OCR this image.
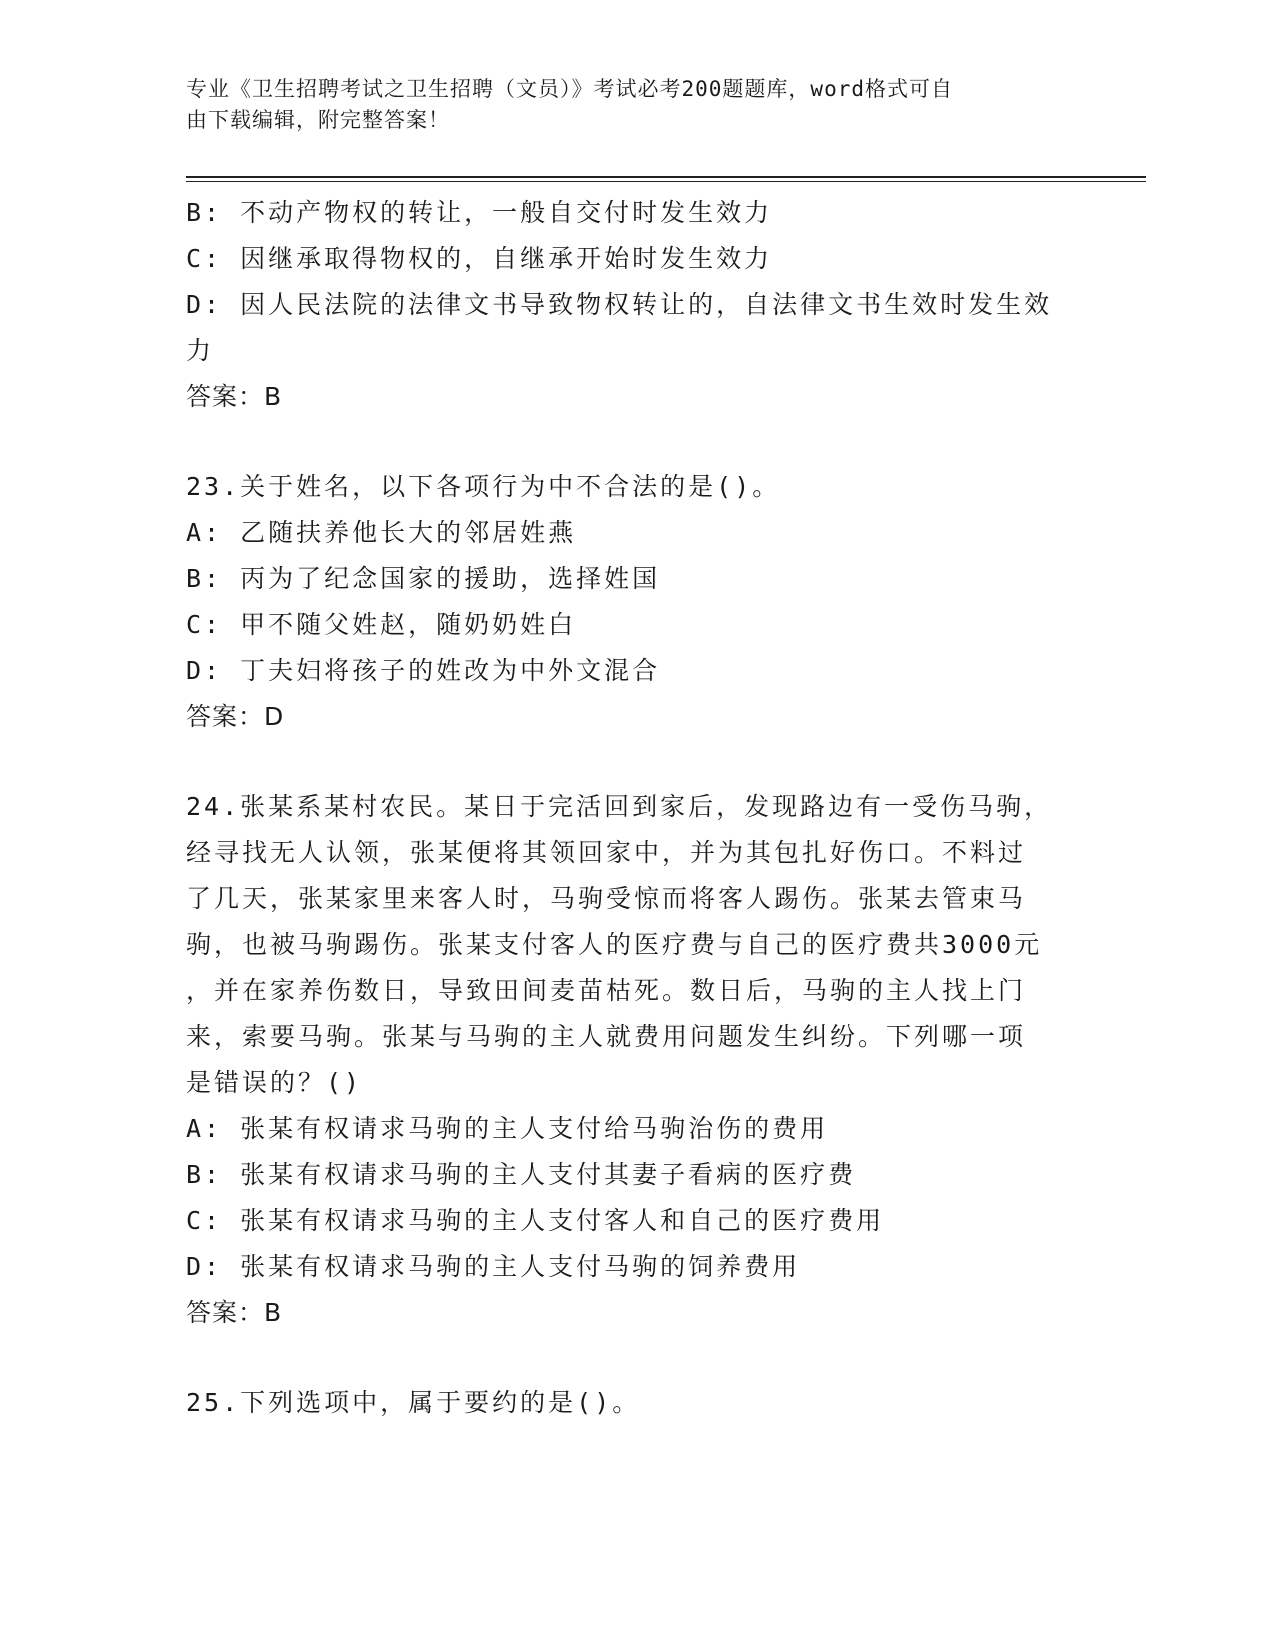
专业《卫生招聘考试之卫生招聘（文员）》考试必考200题题库，word格式可自
由下载编辑，附完整答案！
B: 不动产物权的转让，一般自交付时发生效力
C: 因继承取得物权的，自继承开始时发生效力
D: 因人民法院的法律文书导致物权转让的，自法律文书生效时发生效
力
答案：B
23.关于姓名，以下各项行为中不合法的是()。
A: 乙随扶养他长大的邻居姓燕
B: 丙为了纪念国家的援助，选择姓国
C: 甲不随父姓赵，随奶奶姓白
D: 丁夫妇将孩子的姓改为中外文混合
答案：D
24.张某系某村农民。某日于完活回到家后，发现路边有一受伤马驹，
经寻找无人认领，张某便将其领回家中，并为其包扎好伤口。不料过
了几天，张某家里来客人时，马驹受惊而将客人踢伤。张某去管束马
驹，也被马驹踢伤。张某支付客人的医疗费与自己的医疗费共3000元
，并在家养伤数日，导致田间麦苗枯死。数日后，马驹的主人找上门
来，索要马驹。张某与马驹的主人就费用问题发生纠纷。下列哪一项
是错误的？()
A: 张某有权请求马驹的主人支付给马驹治伤的费用
B: 张某有权请求马驹的主人支付其妻子看病的医疗费
C: 张某有权请求马驹的主人支付客人和自己的医疗费用
D: 张某有权请求马驹的主人支付马驹的饲养费用
答案：B
25.下列选项中，属于要约的是()。
